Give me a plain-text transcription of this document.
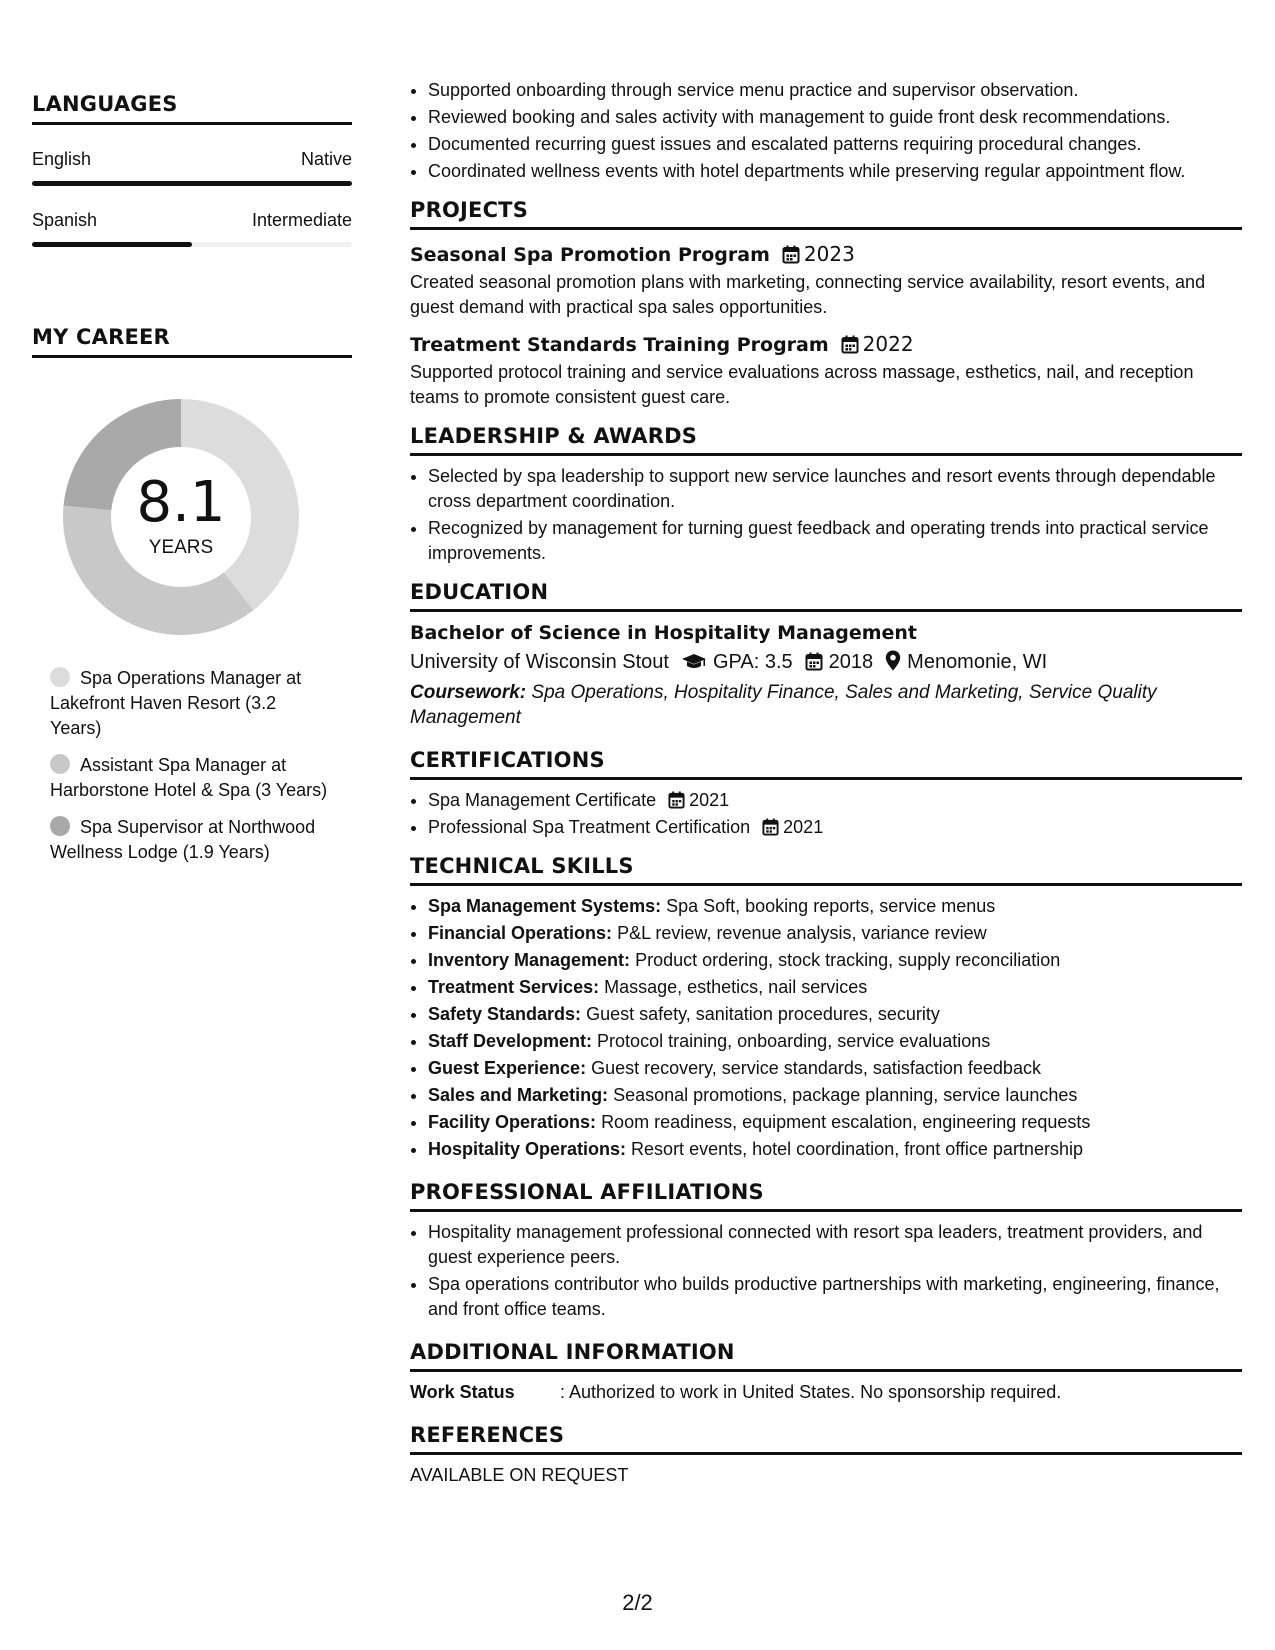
LANGUAGES
English	Native
Spanish	Intermediate
MY CAREER
8.1
YEARS
Spa Operations Manager at Lakefront Haven Resort (3.2 Years)
Assistant Spa Manager at Harborstone Hotel & Spa (3 Years)
Spa Supervisor at Northwood Wellness Lodge (1.9 Years)
• Supported onboarding through service menu practice and supervisor observation.
• Reviewed booking and sales activity with management to guide front desk recommendations.
• Documented recurring guest issues and escalated patterns requiring procedural changes.
• Coordinated wellness events with hotel departments while preserving regular appointment flow.
PROJECTS
Seasonal Spa Promotion Program 2023
Created seasonal promotion plans with marketing, connecting service availability, resort events, and guest demand with practical spa sales opportunities.
Treatment Standards Training Program 2022
Supported protocol training and service evaluations across massage, esthetics, nail, and reception teams to promote consistent guest care.
LEADERSHIP & AWARDS
• Selected by spa leadership to support new service launches and resort events through dependable cross department coordination.
• Recognized by management for turning guest feedback and operating trends into practical service improvements.
EDUCATION
Bachelor of Science in Hospitality Management
University of Wisconsin Stout GPA: 3.5 2018 Menomonie, WI
Coursework: Spa Operations, Hospitality Finance, Sales and Marketing, Service Quality Management
CERTIFICATIONS
• Spa Management Certificate 2021
• Professional Spa Treatment Certification 2021
TECHNICAL SKILLS
• Spa Management Systems: Spa Soft, booking reports, service menus
• Financial Operations: P&L review, revenue analysis, variance review
• Inventory Management: Product ordering, stock tracking, supply reconciliation
• Treatment Services: Massage, esthetics, nail services
• Safety Standards: Guest safety, sanitation procedures, security
• Staff Development: Protocol training, onboarding, service evaluations
• Guest Experience: Guest recovery, service standards, satisfaction feedback
• Sales and Marketing: Seasonal promotions, package planning, service launches
• Facility Operations: Room readiness, equipment escalation, engineering requests
• Hospitality Operations: Resort events, hotel coordination, front office partnership
PROFESSIONAL AFFILIATIONS
• Hospitality management professional connected with resort spa leaders, treatment providers, and guest experience peers.
• Spa operations contributor who builds productive partnerships with marketing, engineering, finance, and front office teams.
ADDITIONAL INFORMATION
Work Status	: Authorized to work in United States. No sponsorship required.
REFERENCES
AVAILABLE ON REQUEST
2/2
